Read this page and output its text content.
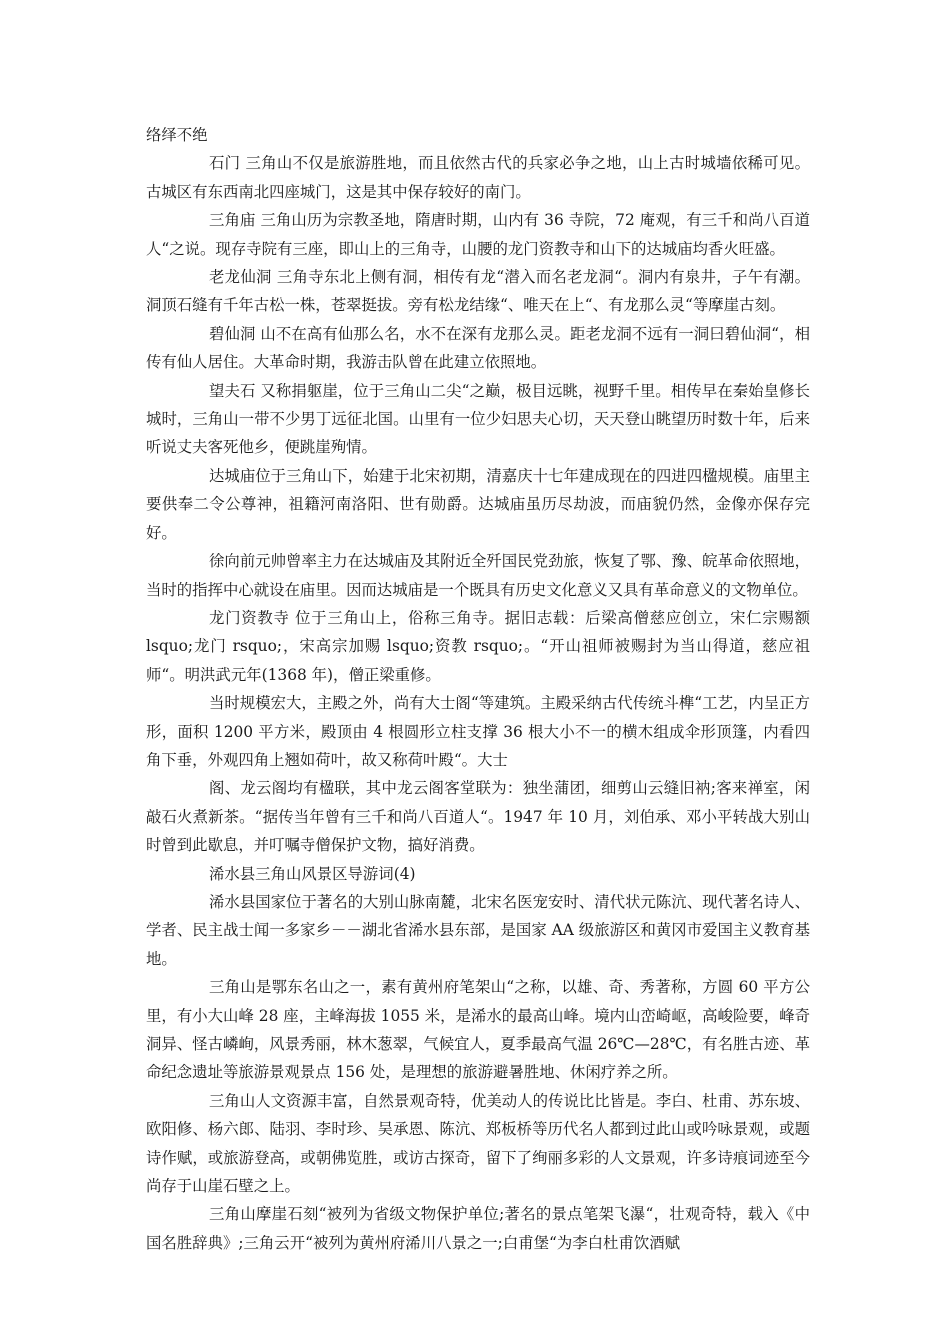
络绎不绝

石门 三角山不仅是旅游胜地，而且依然古代的兵家必争之地，山上古时城墙依稀可见。古城区有东西南北四座城门，这是其中保存较好的南门。

三角庙 三角山历为宗教圣地，隋唐时期，山内有 36 寺院，72 庵观，有三千和尚八百道人“之说。现存寺院有三座，即山上的三角寺，山腰的龙门资教寺和山下的达城庙均香火旺盛。

老龙仙洞 三角寺东北上侧有洞，相传有龙“潜入而名老龙洞“。洞内有泉井，子午有潮。洞顶石缝有千年古松一株，苍翠挺拔。旁有松龙结缘“、唯天在上“、有龙那么灵“等摩崖古刻。

碧仙洞 山不在高有仙那么名，水不在深有龙那么灵。距老龙洞不远有一洞曰碧仙洞“，相传有仙人居住。大革命时期，我游击队曾在此建立依照地。

望夫石 又称捐躯崖，位于三角山二尖“之巅，极目远眺，视野千里。相传早在秦始皇修长城时，三角山一带不少男丁远征北国。山里有一位少妇思夫心切，天天登山眺望历时数十年，后来听说丈夫客死他乡，便跳崖殉情。

达城庙位于三角山下，始建于北宋初期，清嘉庆十七年建成现在的四进四楹规模。庙里主要供奉二令公尊神，祖籍河南洛阳、世有勋爵。达城庙虽历尽劫波，而庙貌仍然，金像亦保存完好。

徐向前元帅曾率主力在达城庙及其附近全歼国民党劲旅，恢复了鄂、豫、皖革命依照地，当时的指挥中心就设在庙里。因而达城庙是一个既具有历史文化意义又具有革命意义的文物单位。

龙门资教寺 位于三角山上，俗称三角寺。据旧志载：后梁高僧慈应创立，宋仁宗赐额 lsquo;龙门 rsquo;，宋高宗加赐 lsquo;资教 rsquo;。“开山祖师被赐封为当山得道，慈应祖师“。明洪武元年(1368 年)，僧正梁重修。

当时规模宏大，主殿之外，尚有大士阁“等建筑。主殿采纳古代传统斗榫“工艺，内呈正方形，面积 1200 平方米，殿顶由 4 根圆形立柱支撑 36 根大小不一的横木组成伞形顶篷，内看四角下垂，外观四角上翘如荷叶，故又称荷叶殿“。大士

阁、龙云阁均有楹联，其中龙云阁客堂联为：独坐蒲团，细剪山云缝旧衲;客来禅室，闲敲石火煮新茶。“据传当年曾有三千和尚八百道人“。1947 年 10 月，刘伯承、邓小平转战大别山时曾到此歇息，并叮嘱寺僧保护文物，搞好消费。

浠水县三角山风景区导游词(4)

浠水县国家位于著名的大别山脉南麓，北宋名医宠安时、清代状元陈沆、现代著名诗人、学者、民主战士闻一多家乡－－湖北省浠水县东部，是国家 AA 级旅游区和黄冈市爱国主义教育基地。

三角山是鄂东名山之一，素有黄州府笔架山“之称，以雄、奇、秀著称，方圆 60 平方公里，有小大山峰 28 座，主峰海拔 1055 米，是浠水的最高山峰。境内山峦崎岖，高峻险要，峰奇洞异、怪古嶙峋，风景秀丽，林木葱翠，气候宜人，夏季最高气温 26℃—28℃，有名胜古迹、革命纪念遗址等旅游景观景点 156 处，是理想的旅游避暑胜地、休闲疗养之所。

三角山人文资源丰富，自然景观奇特，优美动人的传说比比皆是。李白、杜甫、苏东坡、欧阳修、杨六郎、陆羽、李时珍、吴承恩、陈沆、郑板桥等历代名人都到过此山或吟咏景观，或题诗作赋，或旅游登高，或朝佛览胜，或访古探奇，留下了绚丽多彩的人文景观，许多诗痕词迹至今尚存于山崖石壁之上。

三角山摩崖石刻“被列为省级文物保护单位;著名的景点笔架飞瀑“，壮观奇特，载入《中国名胜辞典》;三角云开“被列为黄州府浠川八景之一;白甫堡“为李白杜甫饮酒赋
